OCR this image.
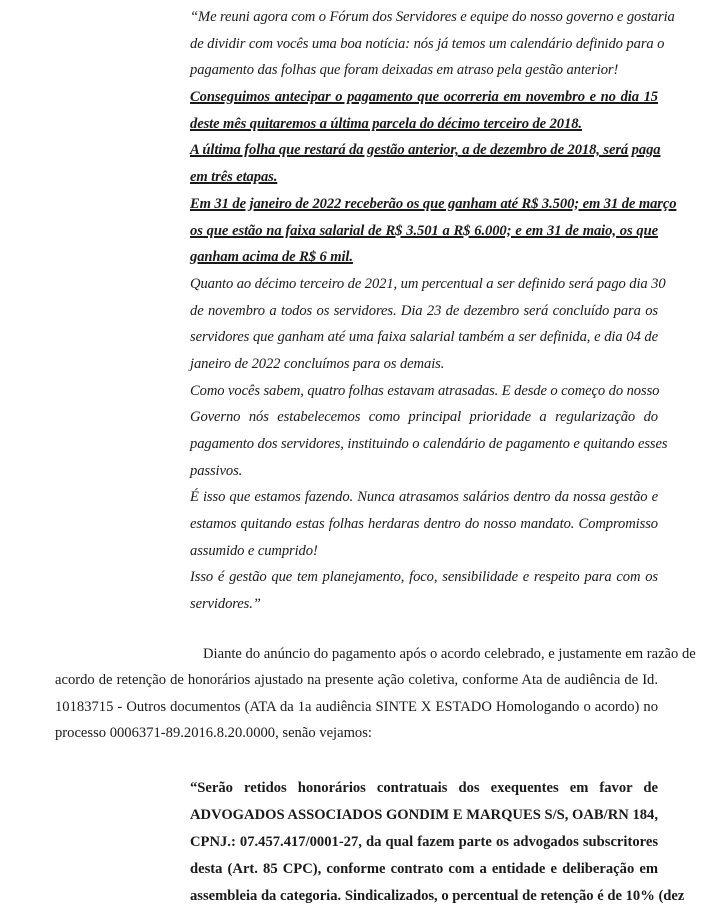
“Me reuni agora com o Fórum dos Servidores e equipe do nosso governo e gostaria
de dividir com vocês uma boa notícia: nós já temos um calendário definido para o
pagamento das folhas que foram deixadas em atraso pela gestão anterior!
Conseguimos antecipar o pagamento que ocorreria em novembro e no dia 15
deste mês quitaremos a última parcela do décimo terceiro de 2018.
A última folha que restará da gestão anterior, a de dezembro de 2018, será paga
em três etapas.
Em 31 de janeiro de 2022 receberão os que ganham até R$ 3.500; em 31 de março
os que estão na faixa salarial de R$ 3.501 a R$ 6.000; e em 31 de maio, os que
ganham acima de R$ 6 mil.
Quanto ao décimo terceiro de 2021, um percentual a ser definido será pago dia 30
de novembro a todos os servidores. Dia 23 de dezembro será concluído para os
servidores que ganham até uma faixa salarial também a ser definida, e dia 04 de
janeiro de 2022 concluímos para os demais.
Como vocês sabem, quatro folhas estavam atrasadas. E desde o começo do nosso
Governo nós estabelecemos como principal prioridade a regularização do
pagamento dos servidores, instituindo o calendário de pagamento e quitando esses
passivos.
É isso que estamos fazendo. Nunca atrasamos salários dentro da nossa gestão e
estamos quitando estas folhas herdaras dentro do nosso mandato. Compromisso
assumido e cumprido!
Isso é gestão que tem planejamento, foco, sensibilidade e respeito para com os
servidores.”
Diante do anúncio do pagamento após o acordo celebrado, e justamente em razão de
acordo de retenção de honorários ajustado na presente ação coletiva, conforme Ata de audiência de Id.
10183715 - Outros documentos (ATA da 1a audiência SINTE X ESTADO Homologando o acordo) no
processo 0006371-89.2016.8.20.0000, senão vejamos:
“Serão retidos honorários contratuais dos exequentes em favor de
ADVOGADOS ASSOCIADOS GONDIM E MARQUES S/S, OAB/RN 184,
CPNJ.: 07.457.417/0001-27, da qual fazem parte os advogados subscritores
desta (Art. 85 CPC), conforme contrato com a entidade e deliberação em
assembleia da categoria. Sindicalizados, o percentual de retenção é de 10% (dez
